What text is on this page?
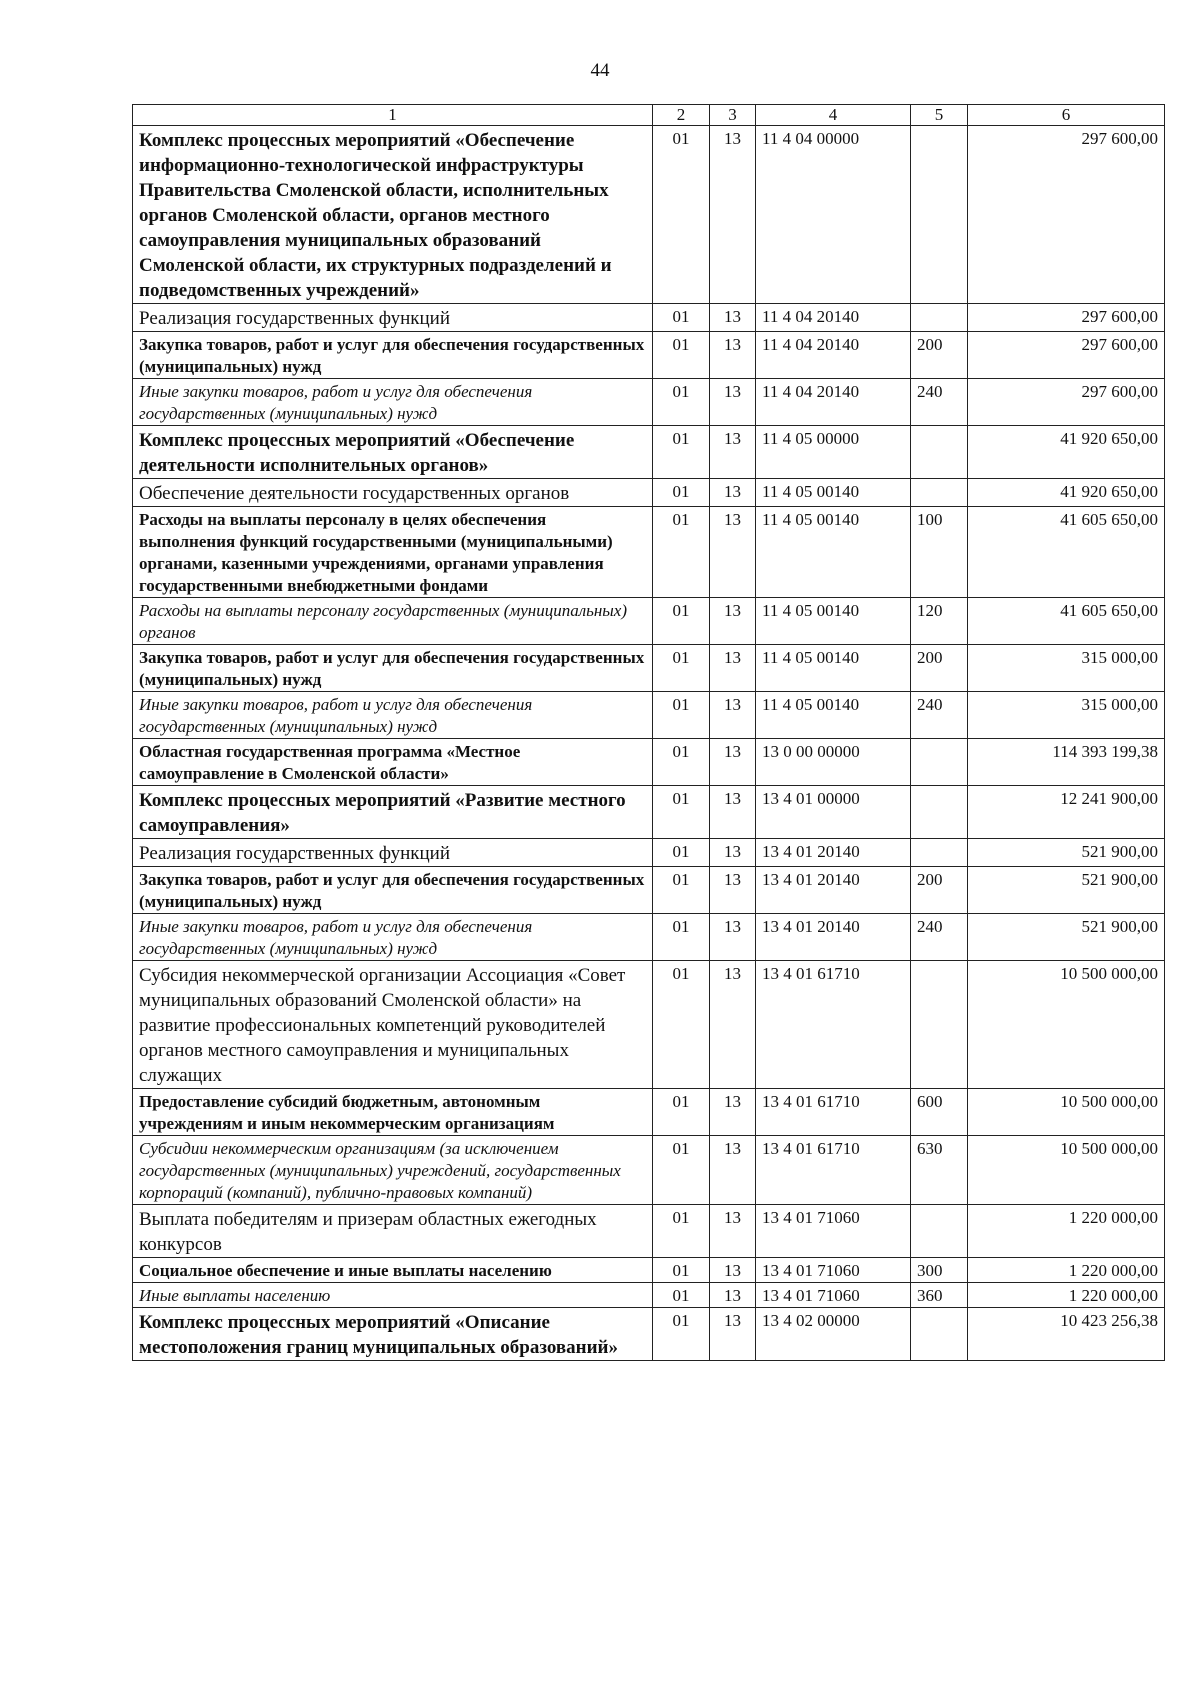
44
1	2	3	4	5	6
Комплекс процессных мероприятий «Обеспечение информационно-технологической инфраструктуры Правительства Смоленской области, исполнительных органов Смоленской области, органов местного самоуправления муниципальных образований Смоленской области, их структурных подразделений и подведомственных учреждений»	01	13	11 4 04 00000		297 600,00
Реализация государственных функций	01	13	11 4 04 20140		297 600,00
Закупка товаров, работ и услуг для обеспечения государственных (муниципальных) нужд	01	13	11 4 04 20140	200	297 600,00
Иные закупки товаров, работ и услуг для обеспечения государственных (муниципальных) нужд	01	13	11 4 04 20140	240	297 600,00
Комплекс процессных мероприятий «Обеспечение деятельности исполнительных органов»	01	13	11 4 05 00000		41 920 650,00
Обеспечение деятельности государственных органов	01	13	11 4 05 00140		41 920 650,00
Расходы на выплаты персоналу в целях обеспечения выполнения функций государственными (муниципальными) органами, казенными учреждениями, органами управления государственными внебюджетными фондами	01	13	11 4 05 00140	100	41 605 650,00
Расходы на выплаты персоналу государственных (муниципальных) органов	01	13	11 4 05 00140	120	41 605 650,00
Закупка товаров, работ и услуг для обеспечения государственных (муниципальных) нужд	01	13	11 4 05 00140	200	315 000,00
Иные закупки товаров, работ и услуг для обеспечения государственных (муниципальных) нужд	01	13	11 4 05 00140	240	315 000,00
Областная государственная программа «Местное самоуправление в Смоленской области»	01	13	13 0 00 00000		114 393 199,38
Комплекс процессных мероприятий «Развитие местного самоуправления»	01	13	13 4 01 00000		12 241 900,00
Реализация государственных функций	01	13	13 4 01 20140		521 900,00
Закупка товаров, работ и услуг для обеспечения государственных (муниципальных) нужд	01	13	13 4 01 20140	200	521 900,00
Иные закупки товаров, работ и услуг для обеспечения государственных (муниципальных) нужд	01	13	13 4 01 20140	240	521 900,00
Субсидия некоммерческой организации Ассоциация «Совет муниципальных образований Смоленской области» на развитие профессиональных компетенций руководителей органов местного самоуправления и муниципальных служащих	01	13	13 4 01 61710		10 500 000,00
Предоставление субсидий бюджетным, автономным учреждениям и иным некоммерческим организациям	01	13	13 4 01 61710	600	10 500 000,00
Субсидии некоммерческим организациям (за исключением государственных (муниципальных) учреждений, государственных корпораций (компаний), публично-правовых компаний)	01	13	13 4 01 61710	630	10 500 000,00
Выплата победителям и призерам областных ежегодных конкурсов	01	13	13 4 01 71060		1 220 000,00
Социальное обеспечение и иные выплаты населению	01	13	13 4 01 71060	300	1 220 000,00
Иные выплаты населению	01	13	13 4 01 71060	360	1 220 000,00
Комплекс процессных мероприятий «Описание местоположения границ муниципальных образований»	01	13	13 4 02 00000		10 423 256,38
